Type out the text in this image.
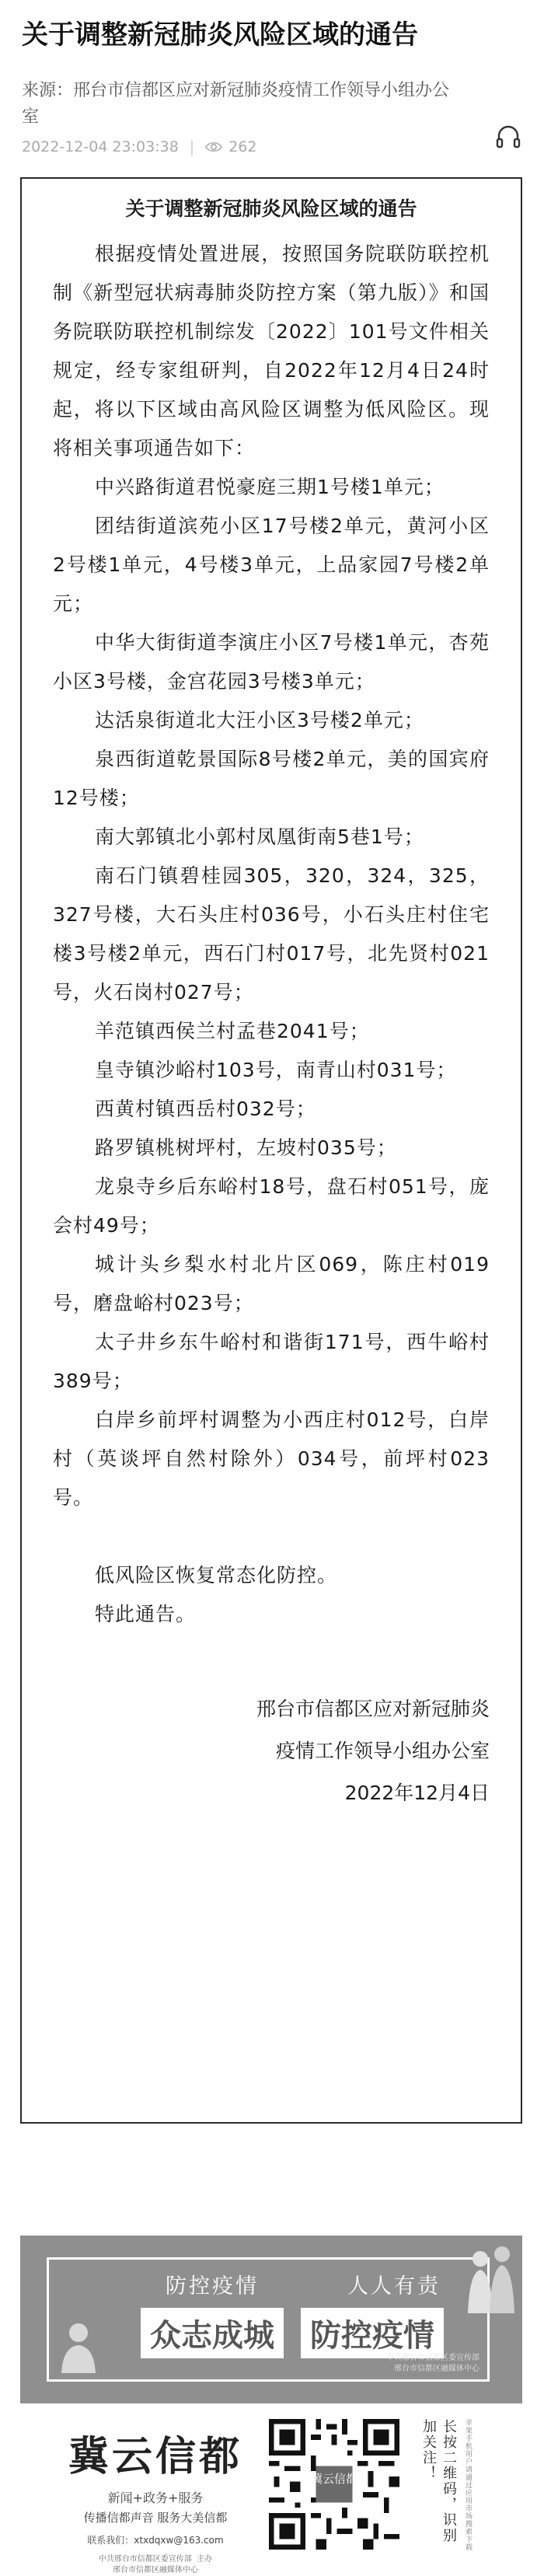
关于调整新冠肺炎风险区域的通告
来源：邢台市信都区应对新冠肺炎疫情工作领导小组办公室
2022-12-04 23:03:38 | 262
关于调整新冠肺炎风险区域的通告

根据疫情处置进展，按照国务院联防联控机制《新型冠状病毒肺炎防控方案（第九版）》和国务院联防联控机制综发〔2022〕101号文件相关规定，经专家组研判，自2022年12月4日24时起，将以下区域由高风险区调整为低风险区。现将相关事项通告如下：

中兴路街道君悦豪庭三期1号楼1单元；

团结街道滨苑小区17号楼2单元，黄河小区2号楼1单元，4号楼3单元，上品家园7号楼2单元；

中华大街街道李演庄小区7号楼1单元，杏苑小区3号楼，金宫花园3号楼3单元；

达活泉街道北大汪小区3号楼2单元；

泉西街道乾景国际8号楼2单元，美的国宾府12号楼；

南大郭镇北小郭村凤凰街南5巷1号；

南石门镇碧桂园305，320，324，325，327号楼，大石头庄村036号，小石头庄村住宅楼3号楼2单元，西石门村017号，北先贤村021号，火石岗村027号；

羊范镇西侯兰村孟巷2041号；

皇寺镇沙峪村103号，南青山村031号；

西黄村镇西岳村032号；

路罗镇桃树坪村，左坡村035号；

龙泉寺乡后东峪村18号，盘石村051号，庞会村49号；

城计头乡梨水村北片区069，陈庄村019号，磨盘峪村023号；

太子井乡东牛峪村和谐街171号，西牛峪村389号；

白岸乡前坪村调整为小西庄村012号，白岸村（英谈坪自然村除外）034号，前坪村023号。

低风险区恢复常态化防控。

特此通告。

邢台市信都区应对新冠肺炎
疫情工作领导小组办公室
2022年12月4日
防控疫情	人人有责
众志成城	防控疫情
中共邢台市信都区委宣传部
邢台市信都区融媒体中心
冀云信都
新闻+政务+服务
传播信都声音 服务大美信都
联系我们：xtxdqxw@163.com
中共邢台市信都区委宣传部 主办
邢台市信都区融媒体中心
冀云信都	长按二维码，识别加关注！	苹果手机用户请通过应用市场搜索下载
